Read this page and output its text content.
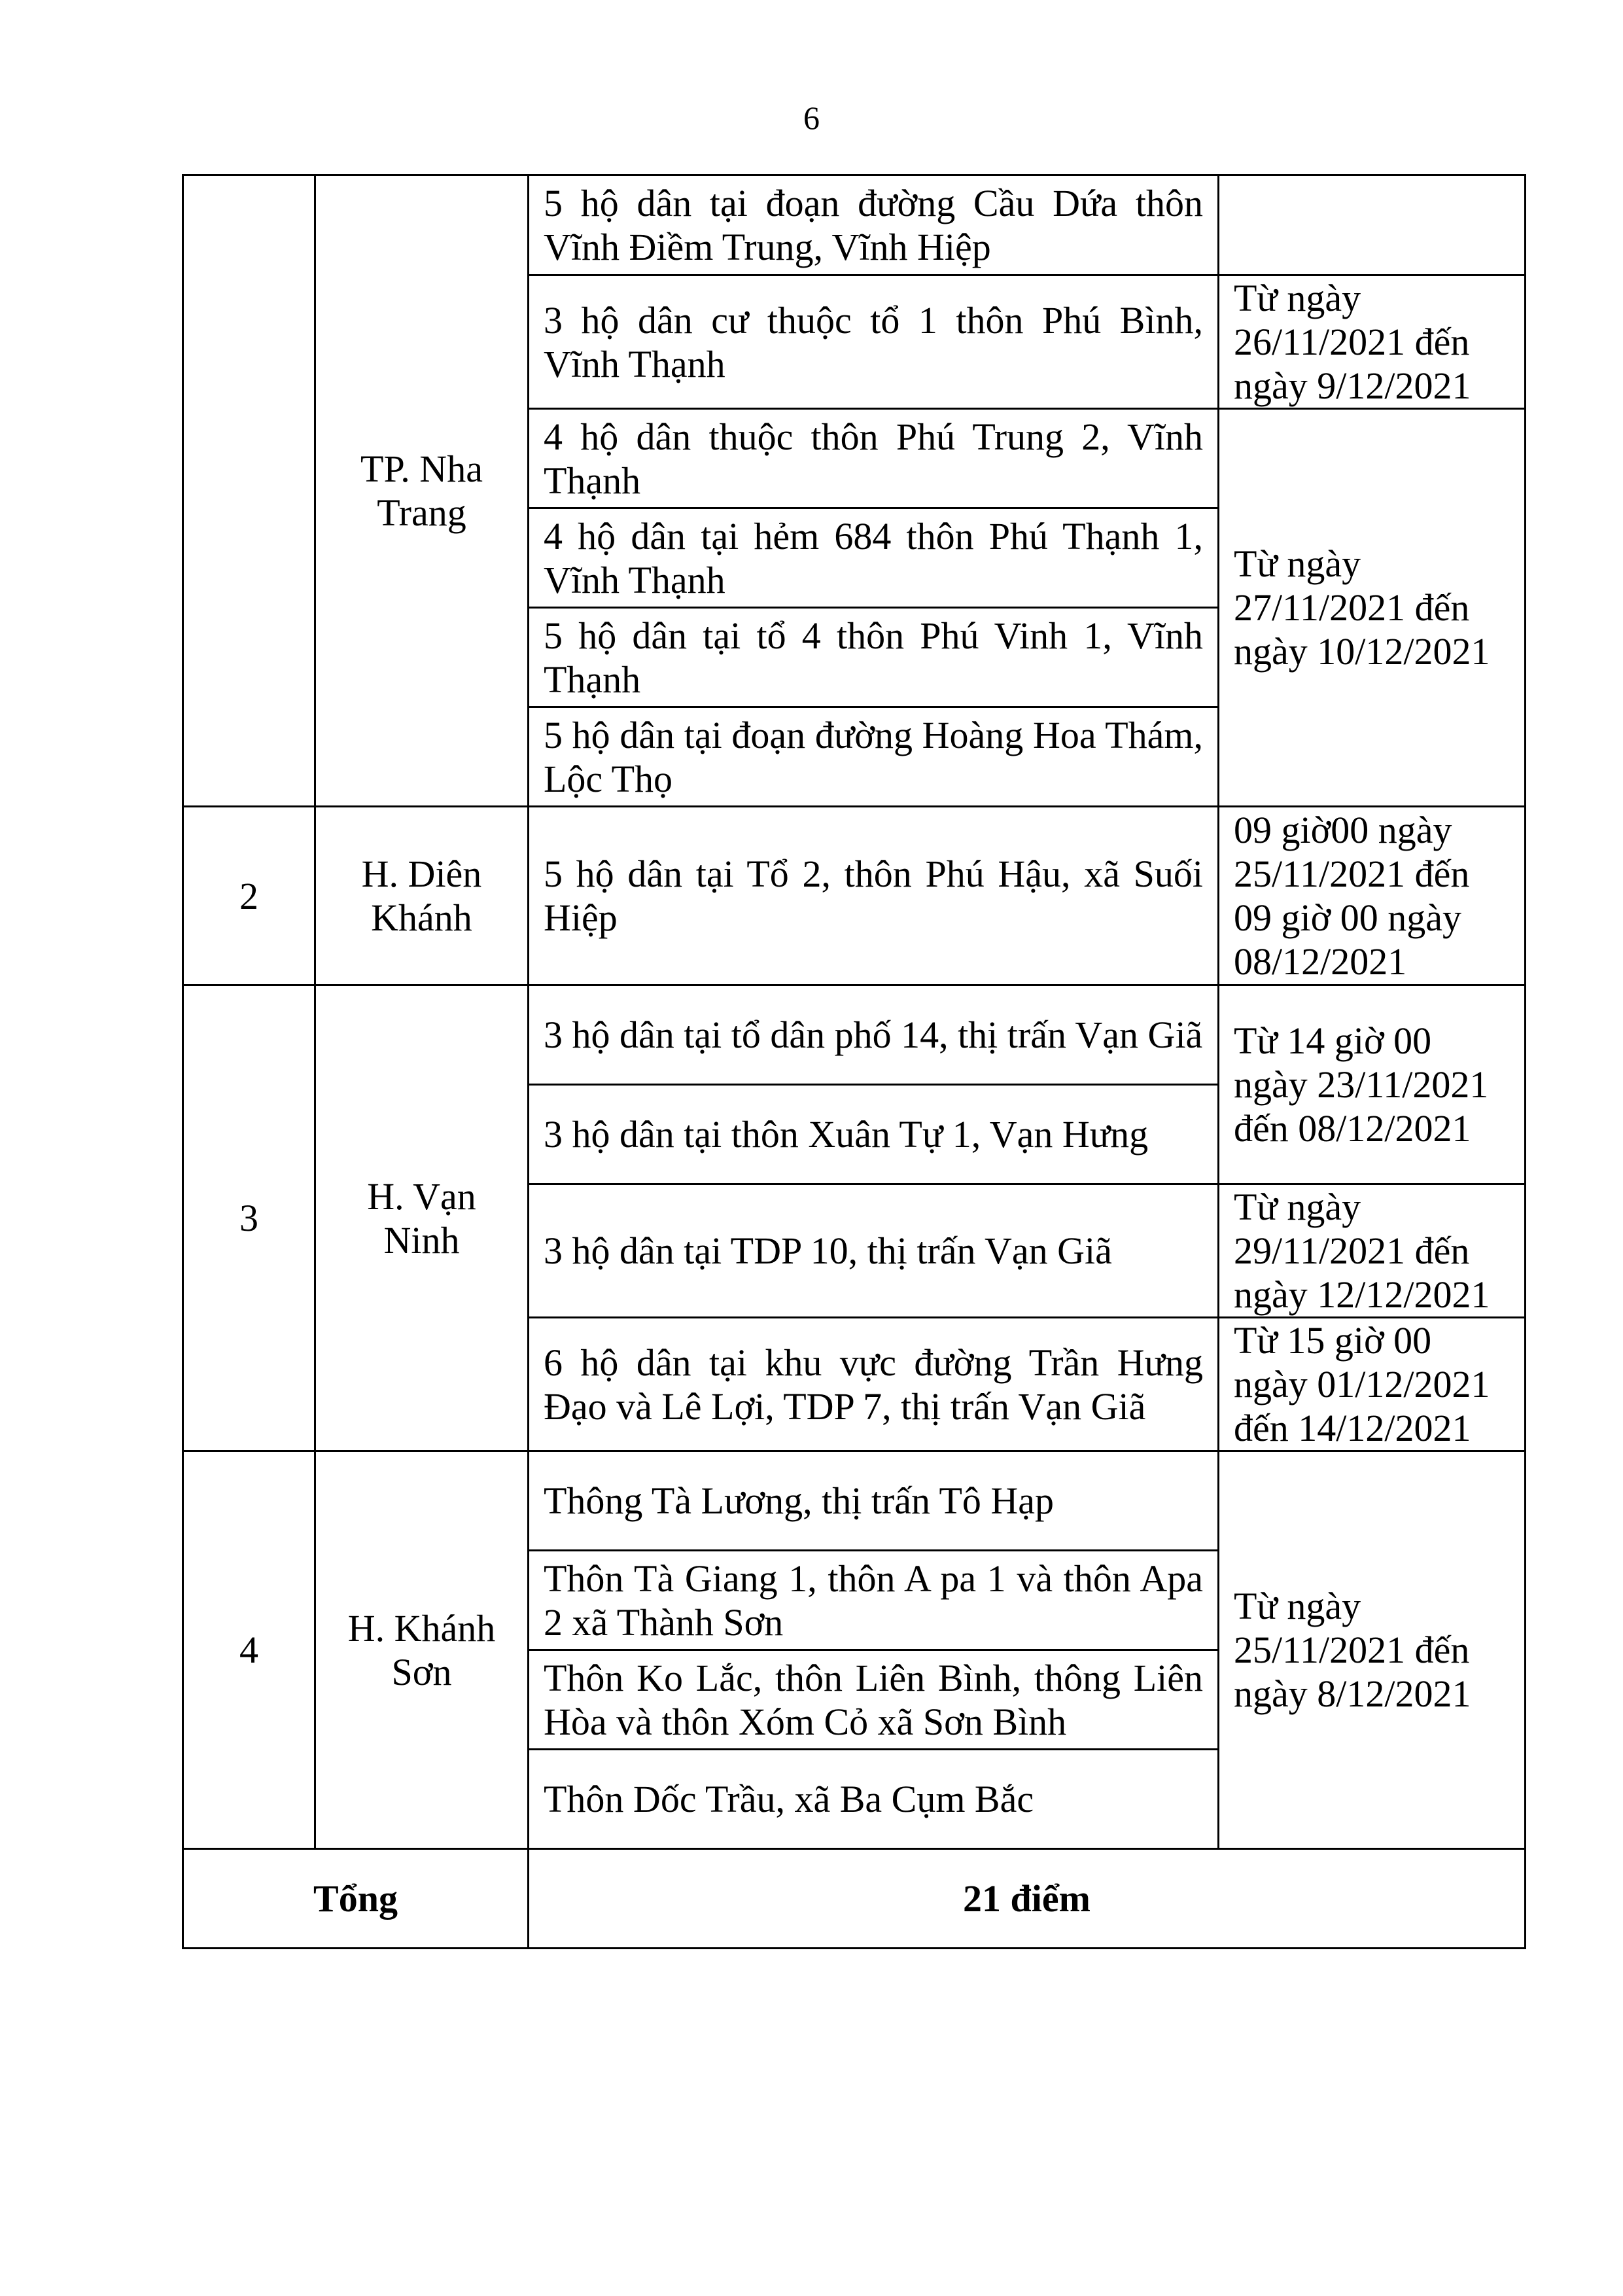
6
	TP. Nha Trang	5 hộ dân tại đoạn đường Cầu Dứa thôn Vĩnh Điềm Trung, Vĩnh Hiệp	
		3 hộ dân cư thuộc tổ 1 thôn Phú Bình, Vĩnh Thạnh	Từ ngày 26/11/2021 đến ngày 9/12/2021
		4 hộ dân thuộc thôn Phú Trung 2, Vĩnh Thạnh	Từ ngày 27/11/2021 đến ngày 10/12/2021
		4 hộ dân tại hẻm 684 thôn Phú Thạnh 1, Vĩnh Thạnh	
		5 hộ dân tại tổ 4 thôn Phú Vinh 1, Vĩnh Thạnh	
		5 hộ dân tại đoạn đường Hoàng Hoa Thám, Lộc Thọ	
2	H. Diên Khánh	5 hộ dân tại Tổ 2, thôn Phú Hậu, xã Suối Hiệp	09 giờ00 ngày 25/11/2021 đến 09 giờ 00 ngày 08/12/2021
3	H. Vạn Ninh	3 hộ dân tại tổ dân phố 14, thị trấn Vạn Giã	Từ 14 giờ 00 ngày 23/11/2021 đến 08/12/2021
		3 hộ dân tại thôn Xuân Tự 1, Vạn Hưng	
		3 hộ dân tại TDP 10, thị trấn Vạn Giã	Từ ngày 29/11/2021 đến ngày 12/12/2021
		6 hộ dân tại khu vực đường Trần Hưng Đạo và Lê Lợi, TDP 7, thị trấn Vạn Giã	Từ 15 giờ 00 ngày 01/12/2021 đến 14/12/2021
4	H. Khánh Sơn	Thông Tà Lương, thị trấn Tô Hạp	Từ ngày 25/11/2021 đến ngày 8/12/2021
		Thôn Tà Giang 1, thôn A pa 1 và thôn Apa 2 xã Thành Sơn	
		Thôn Ko Lắc, thôn Liên Bình, thông Liên Hòa và thôn Xóm Cỏ xã Sơn Bình	
		Thôn Dốc Trầu, xã Ba Cụm Bắc	
Tổng		21 điểm	
